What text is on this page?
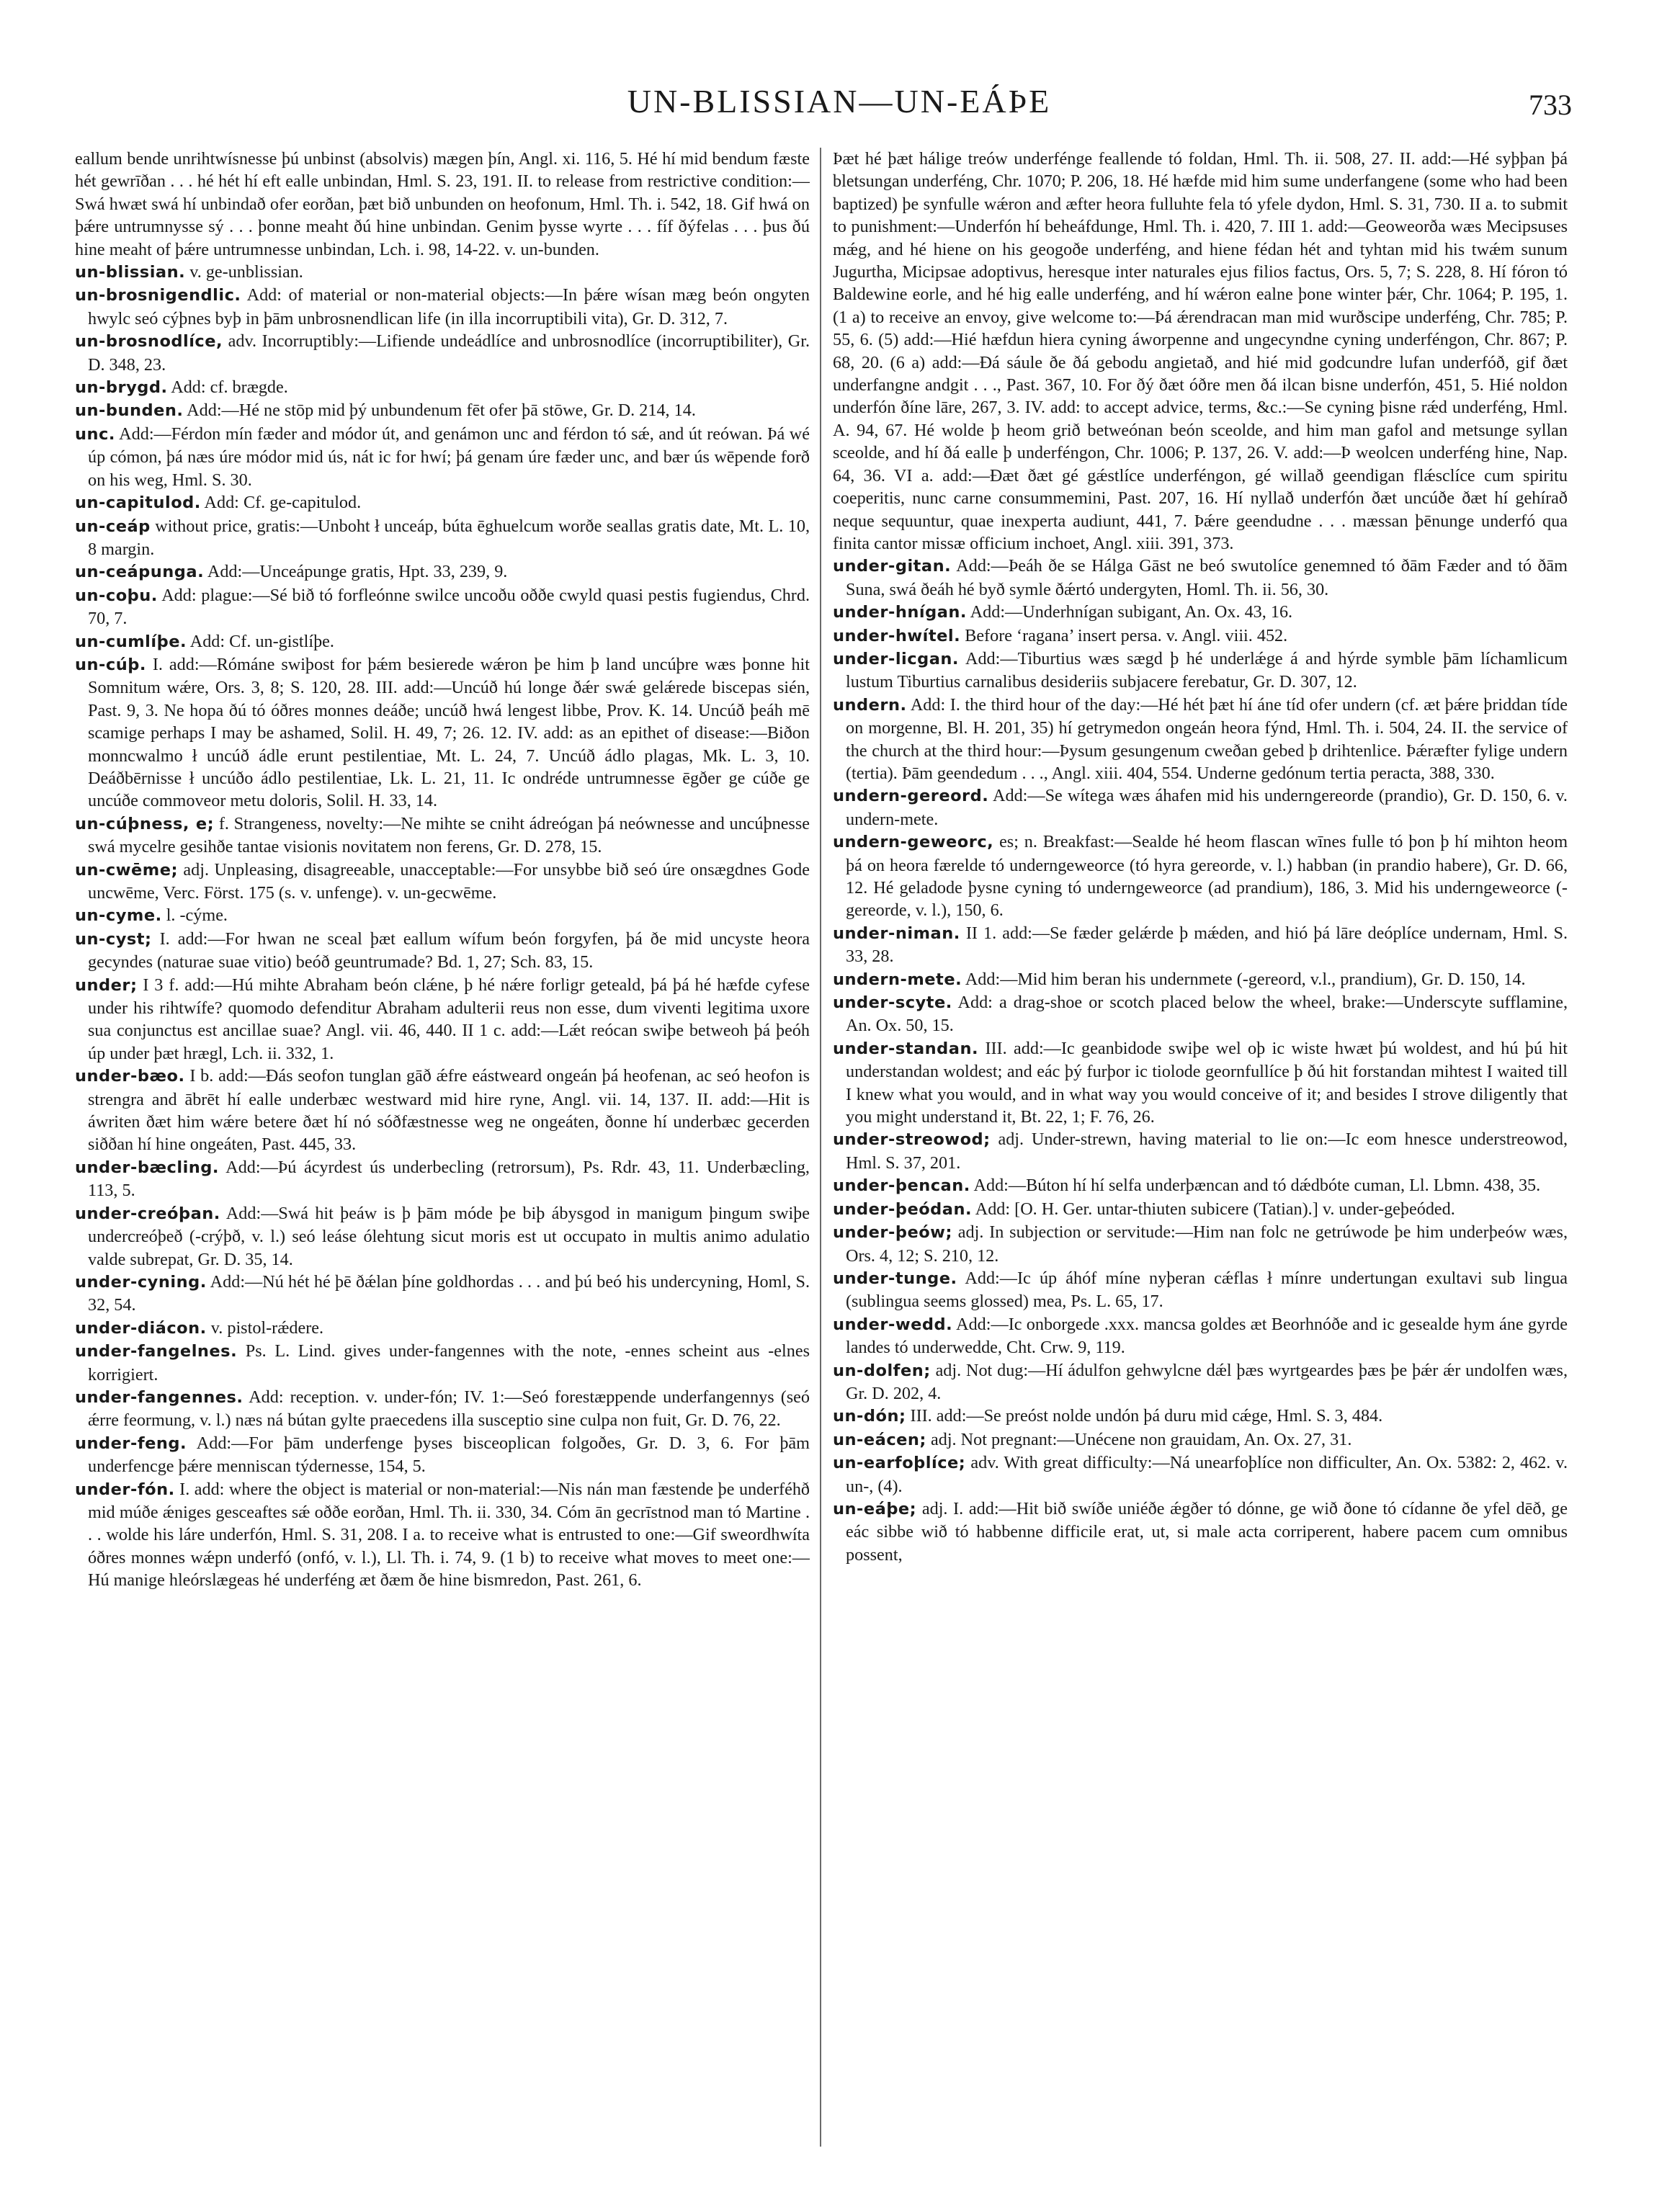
UN-BLISSIAN—UN-EÁÞE	733

eallum bende unrihtwísnesse þú unbinst (absolvis) mægen þín, Angl. xi. 116, 5. Hé hí mid bendum fæste hét gewrīðan . . . hé hét hí eft ealle unbindan, Hml. S. 23, 191. II. to release from restrictive condition:—Swá hwæt swá hí unbindað ofer eorðan, þæt bið unbunden on heofonum, Hml. Th. i. 542, 18. Gif hwá on þǽre untrumnysse sý . . . þonne meaht ðú hine unbindan. Genim þysse wyrte . . . fíf ðýfelas . . . þus ðú hine meaht of þǽre untrumnesse unbindan, Lch. i. 98, 14-22. v. un-bunden.

un-blissian. v. ge-unblissian.

un-brosnigendlic. Add: of material or non-material objects:—In þǽre wísan mæg beón ongyten hwylc seó cýþnes byþ in þām unbrosnendlican life (in illa incorruptibili vita), Gr. D. 312, 7.

un-brosnodlíce, adv. Incorruptibly:—Lifiende undeádlíce and unbrosnodlíce (incorruptibiliter), Gr. D. 348, 23.

un-brygd. Add: cf. brægde.

un-bunden. Add:—Hé ne stōp mid þý unbundenum fēt ofer þā stōwe, Gr. D. 214, 14.

unc. Add:—Férdon mín fæder and módor út, and genámon unc and férdon tó sǽ, and út reówan. Þá wé úp cómon, þá næs úre módor mid ús, nát ic for hwí; þá genam úre fæder unc, and bær ús wēpende forð on his weg, Hml. S. 30.

un-capitulod. Add: Cf. ge-capitulod.

un-ceáp without price, gratis:—Unboht ł unceáp, búta ēghuelcum worðe seallas gratis date, Mt. L. 10, 8 margin.

un-ceápunga. Add:—Unceápunge gratis, Hpt. 33, 239, 9.

un-coþu. Add: plague:—Sé bið tó forfleónne swilce uncoðu oððe cwyld quasi pestis fugiendus, Chrd. 70, 7.

un-cumlíþe. Add: Cf. un-gistlíþe.

un-cúþ. I. add:—Rómáne swiþost for þǽm besierede wǽron þe him þ land uncúþre wæs þonne hit Somnitum wǽre, Ors. 3, 8; S. 120, 28. III. add:—Uncúð hú longe ðǽr swǽ gelǽrede biscepas sién, Past. 9, 3. Ne hopa ðú tó óðres monnes deáðe; uncúð hwá lengest libbe, Prov. K. 14. Uncúð þeáh mē scamige perhaps I may be ashamed, Solil. H. 49, 7; 26. 12. IV. add: as an epithet of disease:—Biðon monncwalmo ł uncúð ádle erunt pestilentiae, Mt. L. 24, 7. Uncúð ádlo plagas, Mk. L. 3, 10. Deáðbērnisse ł uncúðo ádlo pestilentiae, Lk. L. 21, 11. Ic ondréde untrumnesse ēgðer ge cúðe ge uncúðe commoveor metu doloris, Solil. H. 33, 14.

un-cúþness, e; f. Strangeness, novelty:—Ne mihte se cniht ádreógan þá neównesse and uncúþnesse swá mycelre gesihðe tantae visionis novitatem non ferens, Gr. D. 278, 15.

un-cwēme; adj. Unpleasing, disagreeable, unacceptable:—For unsybbe bið seó úre onsægdnes Gode uncwēme, Verc. Först. 175 (s. v. unfenge). v. un-gecwēme.

un-cyme. l. -cýme.

un-cyst; I. add:—For hwan ne sceal þæt eallum wífum beón forgyfen, þá ðe mid uncyste heora gecyndes (naturae suae vitio) beóð geuntrumade? Bd. 1, 27; Sch. 83, 15.

under; I 3 f. add:—Hú mihte Abraham beón clǽne, þ hé nǽre forligr geteald, þá þá hé hæfde cyfese under his rihtwífe? quomodo defenditur Abraham adulterii reus non esse, dum viventi legitima uxore sua conjunctus est ancillae suae? Angl. vii. 46, 440. II 1 c. add:—Lǽt reócan swiþe betweoh þá þeóh úp under þæt hrægl, Lch. ii. 332, 1.

under-bæo. I b. add:—Ðás seofon tunglan gāð ǽfre eástweard ongeán þá heofenan, ac seó heofon is strengra and ābrēt hí ealle underbæc westward mid hire ryne, Angl. vii. 14, 137. II. add:—Hit is áwriten ðæt him wǽre betere ðæt hí nó sóðfæstnesse weg ne ongeáten, ðonne hí underbæc gecerden siððan hí hine ongeáten, Past. 445, 33.

under-bæcling. Add:—Þú ácyrdest ús underbecling (retrorsum), Ps. Rdr. 43, 11. Underbæcling, 113, 5.

under-creóþan. Add:—Swá hit þeáw is þ þām móde þe biþ ábysgod in manigum þingum swiþe undercreóþeð (-crýþð, v. l.) seó leáse ólehtung sicut moris est ut occupato in multis animo adulatio valde subrepat, Gr. D. 35, 14.

under-cyning. Add:—Nú hét hé þē ðǽlan þíne goldhordas . . . and þú beó his undercyning, Homl, S. 32, 54.

under-diácon. v. pistol-rǽdere.

under-fangelnes. Ps. L. Lind. gives under-fangennes with the note, -ennes scheint aus -elnes korrigiert.

under-fangennes. Add: reception. v. under-fón; IV. 1:—Seó forestæppende underfangennys (seó ǽrre feormung, v. l.) næs ná bútan gylte praecedens illa susceptio sine culpa non fuit, Gr. D. 76, 22.

under-feng. Add:—For þām underfenge þyses bisceoplican folgoðes, Gr. D. 3, 6. For þām underfencge þǽre menniscan týdernesse, 154, 5.

under-fón. I. add: where the object is material or non-material:—Nis nán man fæstende þe underféhð mid múðe ǽniges gesceaftes sǽ oððe eorðan, Hml. Th. ii. 330, 34. Cóm ān gecrīstnod man tó Martine . . . wolde his láre underfón, Hml. S. 31, 208. I a. to receive what is entrusted to one:—Gif sweordhwíta óðres monnes wǽpn underfó (onfó, v. l.), Ll. Th. i. 74, 9. (1 b) to receive what moves to meet one:—Hú manige hleórslægeas hé underféng æt ðæm ðe hine bismredon, Past. 261, 6.

Þæt hé þæt hálige treów underfénge feallende tó foldan, Hml. Th. ii. 508, 27. II. add:—Hé syþþan þá bletsungan underféng, Chr. 1070; P. 206, 18. Hé hæfde mid him sume underfangene (some who had been baptized) þe synfulle wǽron and æfter heora fulluhte fela tó yfele dydon, Hml. S. 31, 730. II a. to submit to punishment:—Underfón hí beheáfdunge, Hml. Th. i. 420, 7. III 1. add:—Geoweorða wæs Mecipsuses mǽg, and hé hiene on his geogoðe underféng, and hiene fédan hét and tyhtan mid his twǽm sunum Jugurtha, Micipsae adoptivus, heresque inter naturales ejus filios factus, Ors. 5, 7; S. 228, 8. Hí fóron tó Baldewine eorle, and hé hig ealle underféng, and hí wǽron ealne þone winter þǽr, Chr. 1064; P. 195, 1. (1 a) to receive an envoy, give welcome to:—Þá ǽrendracan man mid wurðscipe underféng, Chr. 785; P. 55, 6. (5) add:—Hié hæfdun hiera cyning áworpenne and ungecyndne cyning underféngon, Chr. 867; P. 68, 20. (6 a) add:—Ðá sáule ðe ðá gebodu angietað, and hié mid godcundre lufan underfóð, gif ðæt underfangne andgit . . ., Past. 367, 10. For ðý ðæt óðre men ðá ilcan bisne underfón, 451, 5. Hié noldon underfón ðíne lāre, 267, 3. IV. add: to accept advice, terms, &c.:—Se cyning þisne rǽd underféng, Hml. A. 94, 67. Hé wolde þ heom grið betweónan beón sceolde, and him man gafol and metsunge syllan sceolde, and hí ðá ealle þ underféngon, Chr. 1006; P. 137, 26. V. add:—Þ weolcen underféng hine, Nap. 64, 36. VI a. add:—Ðæt ðæt gé gǽstlíce underféngon, gé willað geendigan flǽsclíce cum spiritu coeperitis, nunc carne consummemini, Past. 207, 16. Hí nyllað underfón ðæt uncúðe ðæt hí gehírað neque sequuntur, quae inexperta audiunt, 441, 7. Þǽre geendudne . . . mæssan þēnunge underfó qua finita cantor missæ officium inchoet, Angl. xiii. 391, 373.

under-gitan. Add:—Þeáh ðe se Hálga Gāst ne beó swutolíce genemned tó ðām Fæder and tó ðām Suna, swá ðeáh hé byð symle ðǽrtó undergyten, Homl. Th. ii. 56, 30.

under-hnígan. Add:—Underhnígan subigant, An. Ox. 43, 16.

under-hwítel. Before ‘ragana’ insert persa. v. Angl. viii. 452.

under-licgan. Add:—Tiburtius wæs sægd þ hé underlǽge á and hýrde symble þām líchamlicum lustum Tiburtius carnalibus desideriis subjacere ferebatur, Gr. D. 307, 12.

undern. Add: I. the third hour of the day:—Hé hét þæt hí áne tíd ofer undern (cf. æt þǽre þriddan tíde on morgenne, Bl. H. 201, 35) hí getrymedon ongeán heora fýnd, Hml. Th. i. 504, 24. II. the service of the church at the third hour:—Þysum gesungenum cweðan gebed þ drihtenlice. Þǽræfter fylige undern (tertia). Þām geendedum . . ., Angl. xiii. 404, 554. Underne gedónum tertia peracta, 388, 330.

undern-gereord. Add:—Se wítega wæs áhafen mid his underngereorde (prandio), Gr. D. 150, 6. v. undern-mete.

undern-geweorc, es; n. Breakfast:—Sealde hé heom flascan wīnes fulle tó þon þ hí mihton heom þá on heora færelde tó underngeweorce (tó hyra gereorde, v. l.) habban (in prandio habere), Gr. D. 66, 12. Hé geladode þysne cyning tó underngeweorce (ad prandium), 186, 3. Mid his underngeweorce (-gereorde, v. l.), 150, 6.

under-niman. II 1. add:—Se fæder gelǽrde þ mǽden, and hió þá lāre deóplíce undernam, Hml. S. 33, 28.

undern-mete. Add:—Mid him beran his undernmete (-gereord, v.l., prandium), Gr. D. 150, 14.

under-scyte. Add: a drag-shoe or scotch placed below the wheel, brake:—Underscyte sufflamine, An. Ox. 50, 15.

under-standan. III. add:—Ic geanbidode swiþe wel oþ ic wiste hwæt þú woldest, and hú þú hit understandan woldest; and eác þý furþor ic tiolode geornfullíce þ ðú hit forstandan mihtest I waited till I knew what you would, and in what way you would conceive of it; and besides I strove diligently that you might understand it, Bt. 22, 1; F. 76, 26.

under-streowod; adj. Under-strewn, having material to lie on:—Ic eom hnesce understreowod, Hml. S. 37, 201.

under-þencan. Add:—Búton hí hí selfa underþæncan and tó dǽdbóte cuman, Ll. Lbmn. 438, 35.

under-þeódan. Add: [O. H. Ger. untar-thiuten subicere (Tatian).] v. under-geþeóded.

under-þeów; adj. In subjection or servitude:—Him nan folc ne getrúwode þe him underþeów wæs, Ors. 4, 12; S. 210, 12.

under-tunge. Add:—Ic úp áhóf míne nyþeran cǽflas ł mínre undertungan exultavi sub lingua (sublingua seems glossed) mea, Ps. L. 65, 17.

under-wedd. Add:—Ic onborgede .xxx. mancsa goldes æt Beorhnóðe and ic gesealde hym áne gyrde landes tó underwedde, Cht. Crw. 9, 119.

un-dolfen; adj. Not dug:—Hí ádulfon gehwylcne dǽl þæs wyrtgeardes þæs þe þǽr ǽr undolfen wæs, Gr. D. 202, 4.

un-dón; III. add:—Se preóst nolde undón þá duru mid cǽge, Hml. S. 3, 484.

un-eácen; adj. Not pregnant:—Unécene non grauidam, An. Ox. 27, 31.

un-earfoþlíce; adv. With great difficulty:—Ná unearfoþlíce non difficulter, An. Ox. 5382: 2, 462. v. un-, (4).

un-eáþe; adj. I. add:—Hit bið swíðe uniéðe ǽgðer tó dónne, ge wið ðone tó cídanne ðe yfel dēð, ge eác sibbe wið tó habbenne difficile erat, ut, si male acta corriperent, habere pacem cum omnibus possent,
